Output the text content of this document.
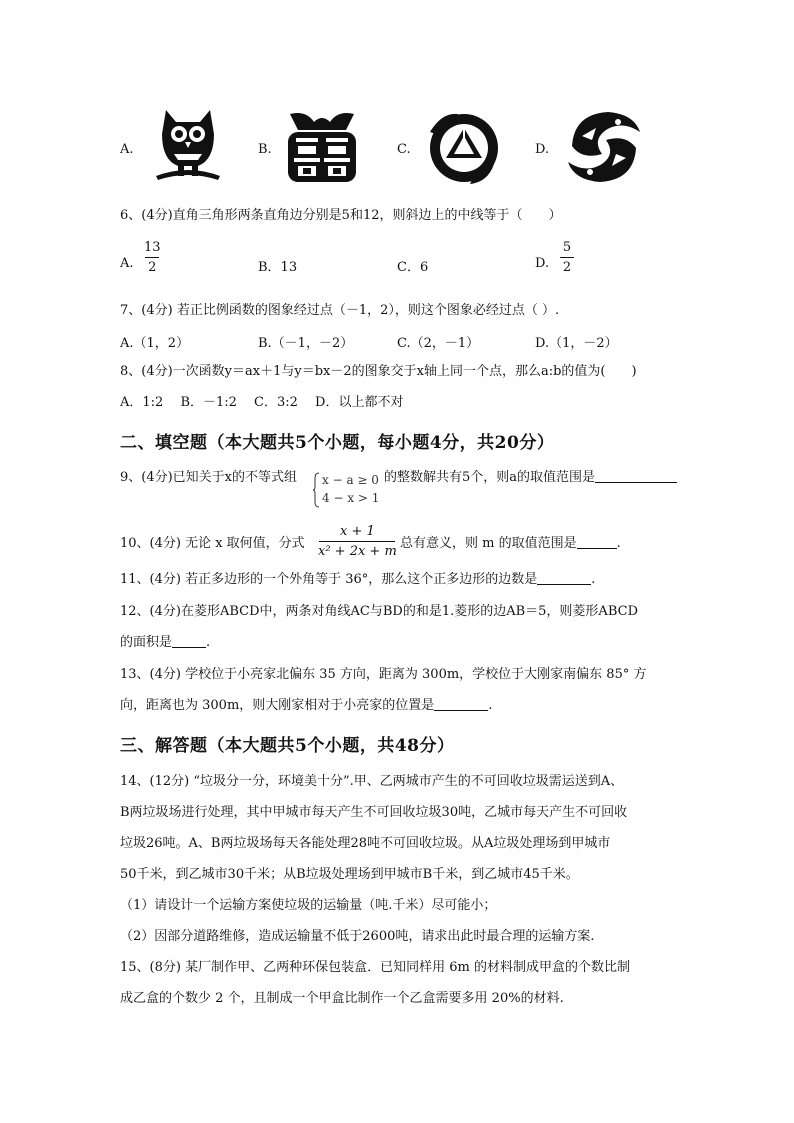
A.	B.	C.	D.
6、(4分)直角三角形两条直角边分别是5和12，则斜边上的中线等于（　　）
A.
13
2	B．13	C．6	D.
5
2
7、(4分) 若正比例函数的图象经过点（－1，2），则这个图象必经过点（ ）.
A.（1，2）	B.（－1，－2）	C.（2，－1）	D.（1，－2）
8、(4分)一次函数y＝ax＋1与y＝bx－2的图象交于x轴上同一个点，那么a:b的值为(　　)
A．1:2　 B．－1:2　 C．3:2　 D．以上都不对
二、填空题（本大题共5个小题，每小题4分，共20分）
9、(4分)已知关于x的不等式组 x − a ≥ 0
4 − x > 1
的整数解共有5个，则a的取值范围是
10、(4分) 无论 x 取何值，分式
x + 1
x² + 2x + m
总有意义，则 m 的取值范围是	.
11、(4分) 若正多边形的一个外角等于 36°，那么这个正多边形的边数是	.
12、(4分)在菱形ABCD中，两条对角线AC与BD的和是1.菱形的边AB＝5，则菱形ABCD
的面积是	.
13、(4分) 学校位于小亮家北偏东 35 方向，距离为 300m，学校位于大刚家南偏东 85° 方
向，距离也为 300m，则大刚家相对于小亮家的位置是	.
三、解答题（本大题共5个小题，共48分）
14、(12分) “垃圾分一分，环境美十分”.甲、乙两城市产生的不可回收垃圾需运送到A、
B两垃圾场进行处理，其中甲城市每天产生不可回收垃圾30吨，乙城市每天产生不可回收
垃圾26吨。A、B两垃圾场每天各能处理28吨不可回收垃圾。从A垃圾处理场到甲城市
50千米，到乙城市30千米；从B垃圾处理场到甲城市B千米，到乙城市45千米。
（1）请设计一个运输方案使垃圾的运输量（吨.千米）尽可能小；
（2）因部分道路维修，造成运输量不低于2600吨，请求出此时最合理的运输方案.
15、(8分) 某厂制作甲、乙两种环保包装盒．已知同样用 6m 的材料制成甲盒的个数比制
成乙盒的个数少 2 个，且制成一个甲盒比制作一个乙盒需要多用 20%的材料.
